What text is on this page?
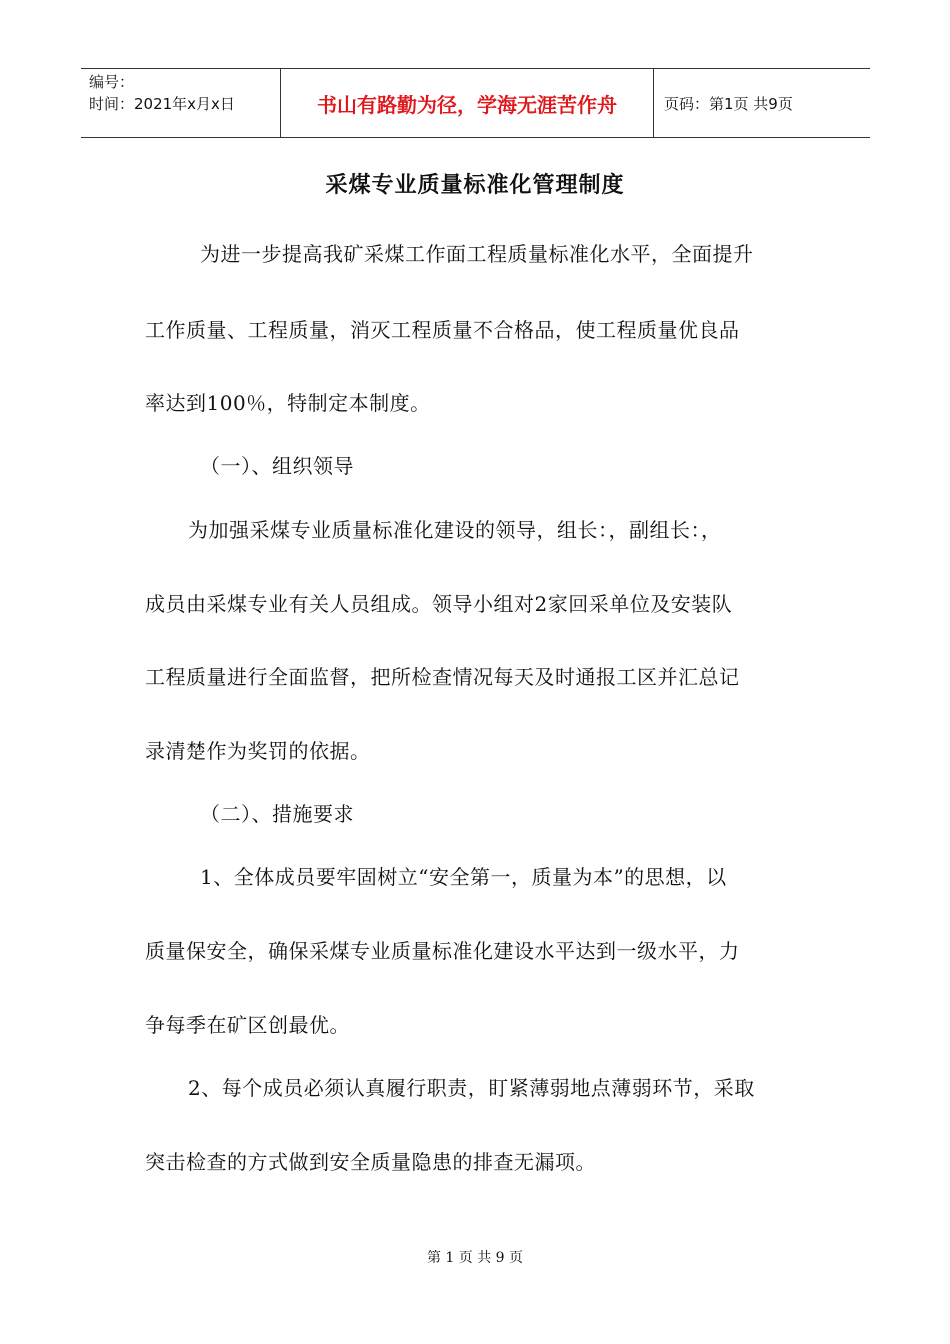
编号：
时间：2021年x月x日	书山有路勤为径，学海无涯苦作舟	页码：第1页 共9页
采煤专业质量标准化管理制度
为进一步提高我矿采煤工作面工程质量标准化水平，全面提升
工作质量、工程质量，消灭工程质量不合格品，使工程质量优良品
率达到100％，特制定本制度。
（一）、组织领导
为加强采煤专业质量标准化建设的领导，组长：，副组长：，
成员由采煤专业有关人员组成。领导小组对2家回采单位及安装队
工程质量进行全面监督，把所检查情况每天及时通报工区并汇总记
录清楚作为奖罚的依据。
（二）、措施要求
1、全体成员要牢固树立“安全第一，质量为本”的思想，以
质量保安全，确保采煤专业质量标准化建设水平达到一级水平，力
争每季在矿区创最优。
2、每个成员必须认真履行职责，盯紧薄弱地点薄弱环节，采取
突击检查的方式做到安全质量隐患的排查无漏项。
第 1 页 共 9 页
